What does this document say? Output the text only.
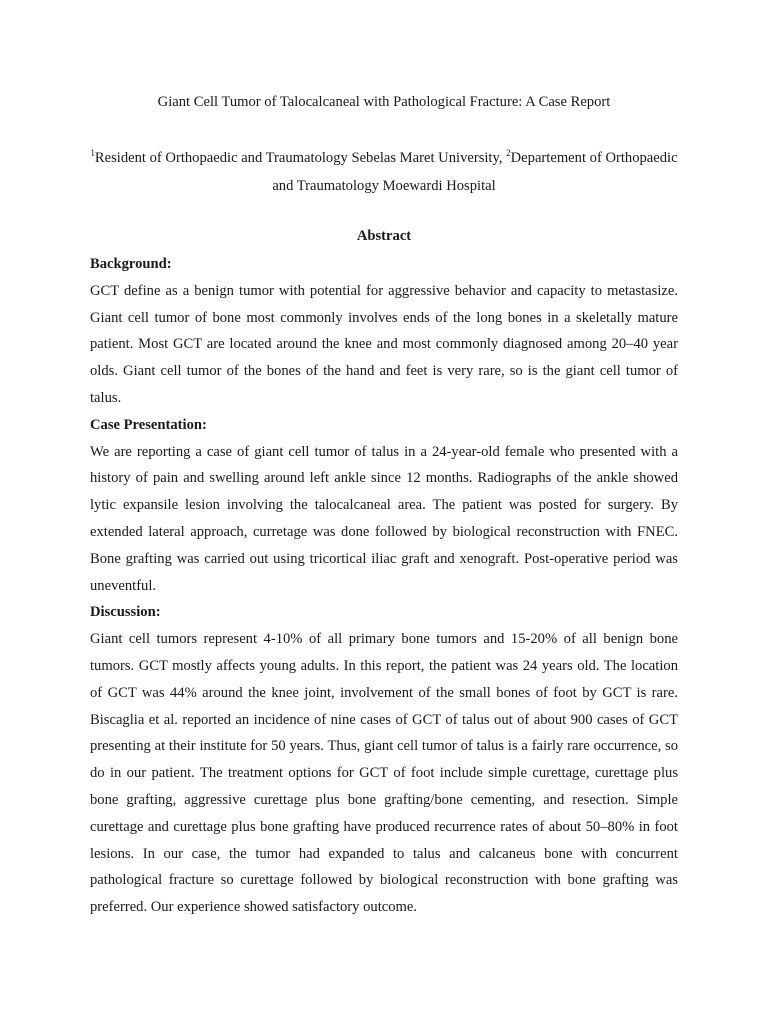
Giant Cell Tumor of Talocalcaneal with Pathological Fracture: A Case Report
$^1$Resident of Orthopaedic and Traumatology Sebelas Maret University, $^2$Departement of Orthopaedic and Traumatology Moewardi Hospital
Abstract
Background:

GCT define as a benign tumor with potential for aggressive behavior and capacity to metastasize. Giant cell tumor of bone most commonly involves ends of the long bones in a skeletally mature patient. Most GCT are located around the knee and most commonly diagnosed among 20–40 year olds. Giant cell tumor of the bones of the hand and feet is very rare, so is the giant cell tumor of talus.

Case Presentation:

We are reporting a case of giant cell tumor of talus in a 24-year-old female who presented with a history of pain and swelling around left ankle since 12 months. Radiographs of the ankle showed lytic expansile lesion involving the talocalcaneal area. The patient was posted for surgery. By extended lateral approach, curretage was done followed by biological reconstruction with FNEC. Bone grafting was carried out using tricortical iliac graft and xenograft. Post-operative period was uneventful.

Discussion:

Giant cell tumors represent 4-10% of all primary bone tumors and 15-20% of all benign bone tumors. GCT mostly affects young adults. In this report, the patient was 24 years old. The location of GCT was 44% around the knee joint, involvement of the small bones of foot by GCT is rare. Biscaglia et al. reported an incidence of nine cases of GCT of talus out of about 900 cases of GCT presenting at their institute for 50 years. Thus, giant cell tumor of talus is a fairly rare occurrence, so do in our patient. The treatment options for GCT of foot include simple curettage, curettage plus bone grafting, aggressive curettage plus bone grafting/bone cementing, and resection. Simple curettage and curettage plus bone grafting have produced recurrence rates of about 50–80% in foot lesions. In our case, the tumor had expanded to talus and calcaneus bone with concurrent pathological fracture so curettage followed by biological reconstruction with bone grafting was preferred. Our experience showed satisfactory outcome.
